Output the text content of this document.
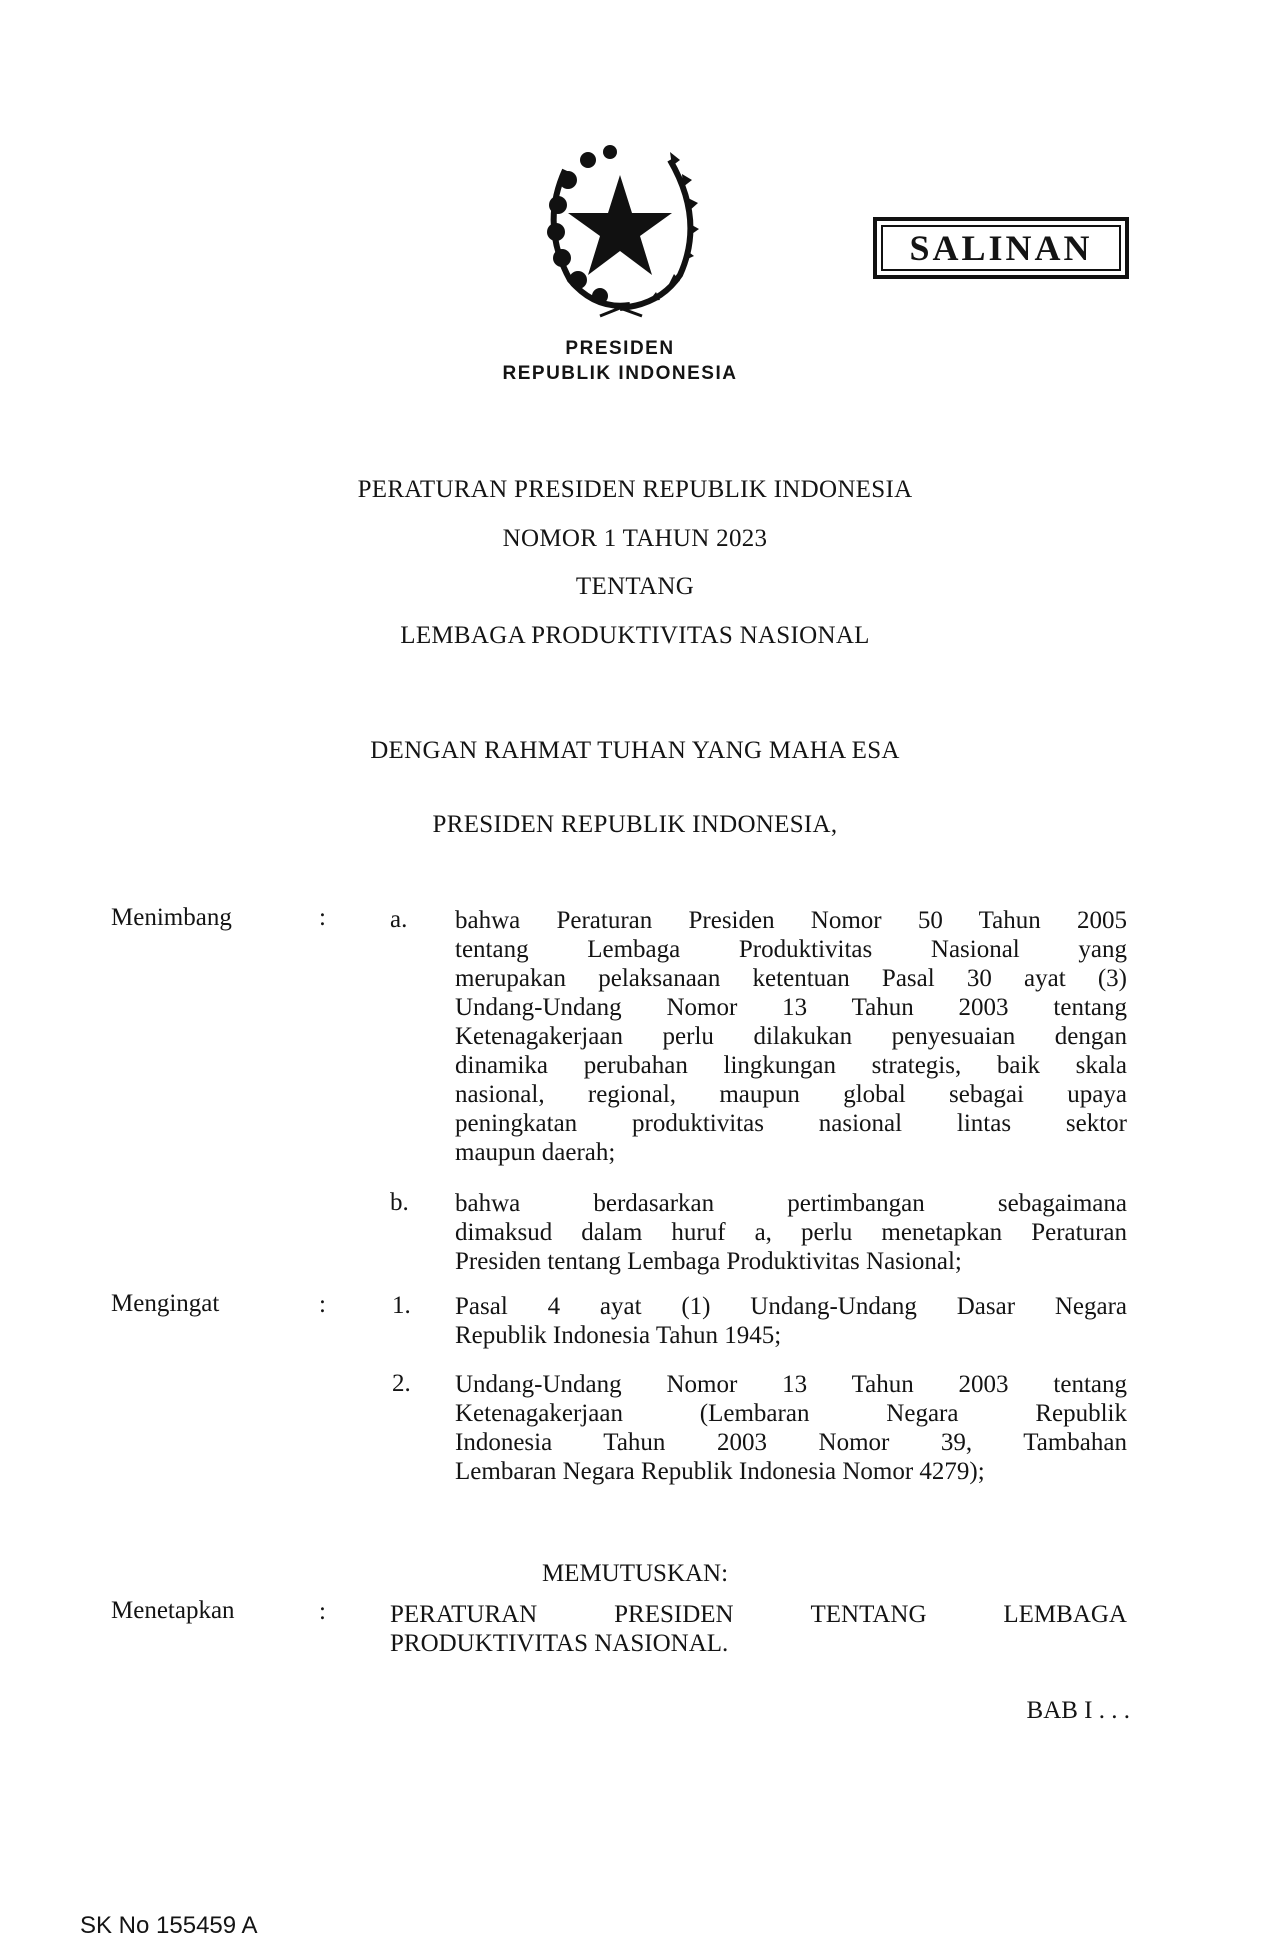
SALINAN
PRESIDEN
REPUBLIK INDONESIA
PERATURAN PRESIDEN REPUBLIK INDONESIA
NOMOR 1 TAHUN 2023
TENTANG
LEMBAGA PRODUKTIVITAS NASIONAL
DENGAN RAHMAT TUHAN YANG MAHA ESA
PRESIDEN REPUBLIK INDONESIA,
Menimbang	:	a. bahwa Peraturan Presiden Nomor 50 Tahun 2005
tentang Lembaga Produktivitas Nasional yang
merupakan pelaksanaan ketentuan Pasal 30 ayat (3)
Undang-Undang Nomor 13 Tahun 2003 tentang
Ketenagakerjaan perlu dilakukan penyesuaian dengan
dinamika perubahan lingkungan strategis, baik skala
nasional, regional, maupun global sebagai upaya
peningkatan produktivitas nasional lintas sektor
maupun daerah;
b. bahwa berdasarkan pertimbangan sebagaimana
dimaksud dalam huruf a, perlu menetapkan Peraturan
Presiden tentang Lembaga Produktivitas Nasional;
Mengingat	:	1. Pasal 4 ayat (1) Undang-Undang Dasar Negara
Republik Indonesia Tahun 1945;
2. Undang-Undang Nomor 13 Tahun 2003 tentang
Ketenagakerjaan (Lembaran Negara Republik
Indonesia Tahun 2003 Nomor 39, Tambahan
Lembaran Negara Republik Indonesia Nomor 4279);
MEMUTUSKAN:
Menetapkan	:	PERATURAN	PRESIDEN	TENTANG	LEMBAGA
PRODUKTIVITAS NASIONAL.
BAB I . . .
SK No 155459 A
